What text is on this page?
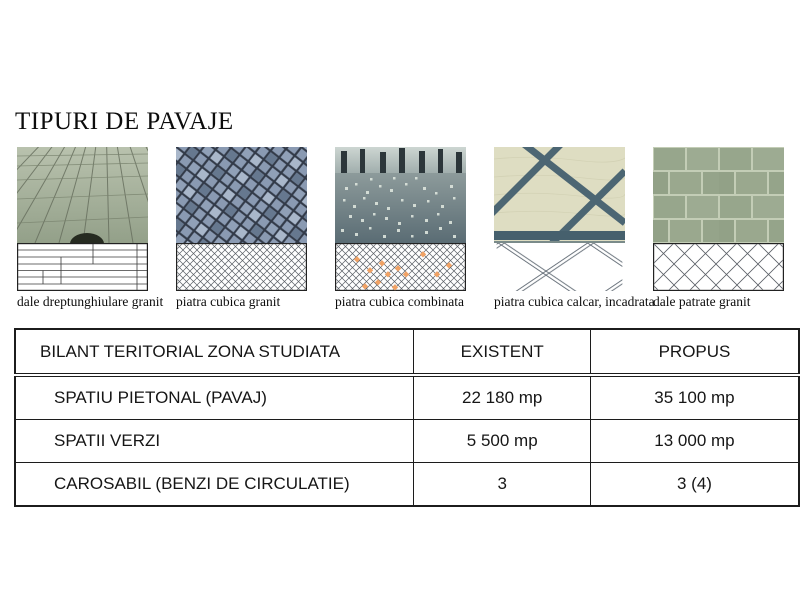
TIPURI DE PAVAJE
dale dreptunghiulare granit piatra cubica granit	piatra cubica combinata piatra cubica calcar, incadrata
dale patrate granit
BILANT TERITORIAL ZONA STUDIATA	EXISTENT	PROPUS
SPATIU PIETONAL (PAVAJ)	22 180 mp	35 100 mp
SPATII VERZI	5 500 mp	13 000 mp
CAROSABIL (BENZI DE CIRCULATIE)	3	3 (4)
